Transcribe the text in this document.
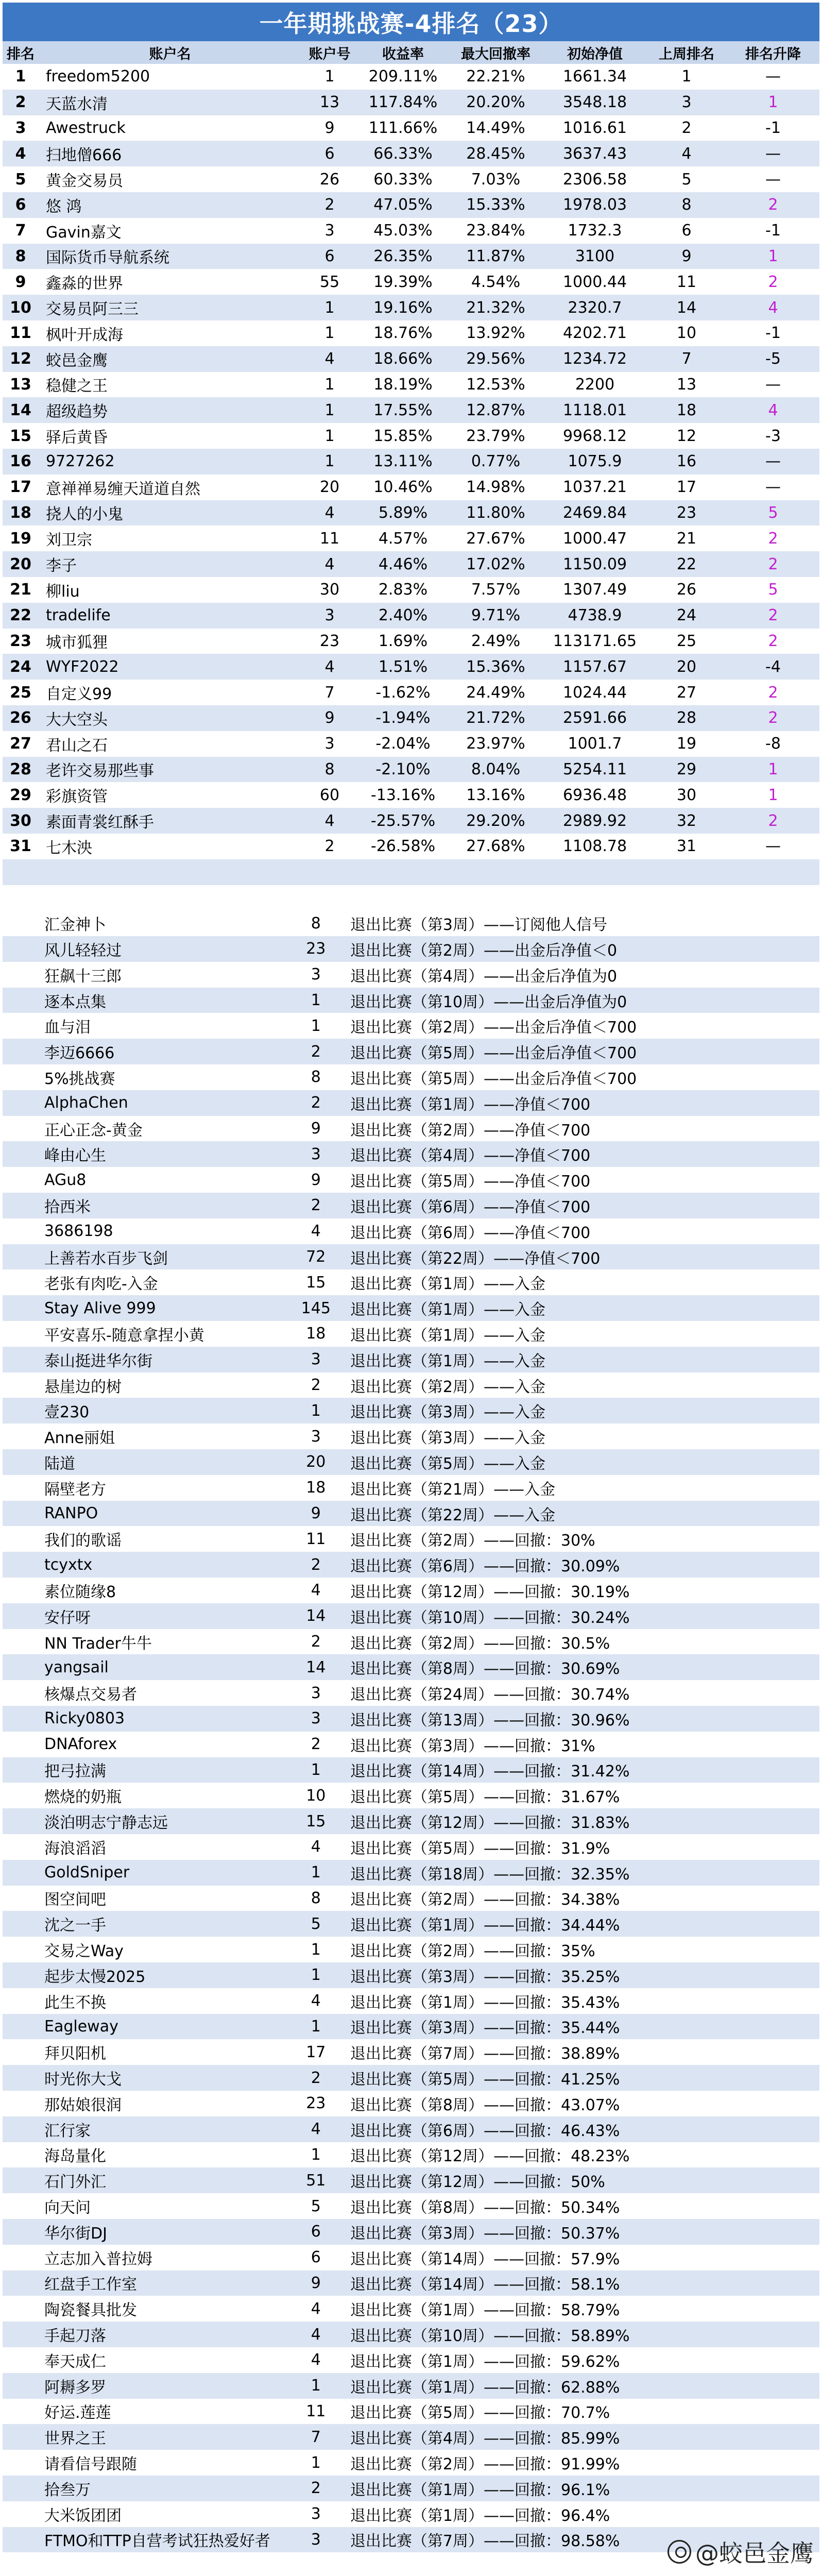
一年期挑战赛-4排名（23）
排名	账户名	账户号	收益率	最大回撤率	初始净值	上周排名	排名升降
1	freedom5200	1	209.11%	22.21%	1661.34	1	—
2	天蓝水清	13	117.84%	20.20%	3548.18	3	1
3	Awestruck	9	111.66%	14.49%	1016.61	2	-1
4	扫地僧666	6	66.33%	28.45%	3637.43	4	—
5	黄金交易员	26	60.33%	7.03%	2306.58	5	—
6	悠 鸿	2	47.05%	15.33%	1978.03	8	2
7	Gavin嘉文	3	45.03%	23.84%	1732.3	6	-1
8	国际货币导航系统	6	26.35%	11.87%	3100	9	1
9	鑫淼的世界	55	19.39%	4.54%	1000.44	11	2
10 交易员阿三三	1	19.16%	21.32%	2320.7	14	4
11 枫叶开成海	1	18.76%	13.92%	4202.71	10	-1
12 蛟邑金鹰	4	18.66%	29.56%	1234.72	7	-5
13 稳健之王	1	18.19%	12.53%	2200	13	—
14 超级趋势	1	17.55%	12.87%	1118.01	18	4
15 驿后黄昏	1	15.85%	23.79%	9968.12	12	-3
16 9727262	1	13.11%	0.77%	1075.9	16	—
17 意禅禅易缠天道道自然	20	10.46%	14.98%	1037.21	17	—
18 挠人的小鬼	4	5.89%	11.80%	2469.84	23	5
19 刘卫宗	11	4.57%	27.67%	1000.47	21	2
20 李子	4	4.46%	17.02%	1150.09	22	2
21 柳liu	30	2.83%	7.57%	1307.49	26	5
22 tradelife	3	2.40%	9.71%	4738.9	24	2
23 城市狐狸	23	1.69%	2.49%	113171.65	25	2
24 WYF2022	4	1.51%	15.36%	1157.67	20	-4
25 自定义99	7	-1.62%	24.49%	1024.44	27	2
26 大大空头	9	-1.94%	21.72%	2591.66	28	2
27 君山之石	3	-2.04%	23.97%	1001.7	19	-8
28 老许交易那些事	8	-2.10%	8.04%	5254.11	29	1
29 彩旗资管	60	-13.16%	13.16%	6936.48	30	1
30 素面青裳红酥手	4	-25.57%	29.20%	2989.92	32	2
31 七木泱	2	-26.58%	27.68%	1108.78	31	—
汇金神卜	8	退出比赛（第3周）——订阅他人信号
风儿轻轻过	23	退出比赛（第2周）——出金后净值＜0
狂飙十三郎	3	退出比赛（第4周）——出金后净值为0
逐本点集	1	退出比赛（第10周）——出金后净值为0
血与泪	1	退出比赛（第2周）——出金后净值＜700
李迈6666	2	退出比赛（第5周）——出金后净值＜700
5%挑战赛	8	退出比赛（第5周）——出金后净值＜700
AlphaChen	2	退出比赛（第1周）——净值＜700
正心正念-黄金	9	退出比赛（第2周）——净值＜700
峰由心生	3	退出比赛（第4周）——净值＜700
AGu8	9	退出比赛（第5周）——净值＜700
拾西米	2	退出比赛（第6周）——净值＜700
3686198	4	退出比赛（第6周）——净值＜700
上善若水百步飞剑	72	退出比赛（第22周）——净值＜700
老张有肉吃-入金	15	退出比赛（第1周）——入金
Stay Alive 999	145	退出比赛（第1周）——入金
平安喜乐-随意拿捏小黄	18	退出比赛（第1周）——入金
泰山挺进华尔街	3	退出比赛（第1周）——入金
悬崖边的树	2	退出比赛（第2周）——入金
壹230	1	退出比赛（第3周）——入金
Anne丽姐	3	退出比赛（第3周）——入金
陆道	20	退出比赛（第5周）——入金
隔壁老方	18	退出比赛（第21周）——入金
RANPO	9	退出比赛（第22周）——入金
我们的歌谣	11	退出比赛（第2周）——回撤：30%
tcyxtx	2	退出比赛（第6周）——回撤：30.09%
素位随缘8	4	退出比赛（第12周）——回撤：30.19%
安仔呀	14	退出比赛（第10周）——回撤：30.24%
NN Trader牛牛	2	退出比赛（第2周）——回撤：30.5%
yangsail	14	退出比赛（第8周）——回撤：30.69%
核爆点交易者	3	退出比赛（第24周）——回撤：30.74%
Ricky0803	3	退出比赛（第13周）——回撤：30.96%
DNAforex	2	退出比赛（第3周）——回撤：31%
把弓拉满	1	退出比赛（第14周）——回撤：31.42%
燃烧的奶瓶	10	退出比赛（第5周）——回撤：31.67%
淡泊明志宁静志远	15	退出比赛（第12周）——回撤：31.83%
海浪滔滔	4	退出比赛（第5周）——回撤：31.9%
GoldSniper	1	退出比赛（第18周）——回撤：32.35%
图空间吧	8	退出比赛（第2周）——回撤：34.38%
沈之一手	5	退出比赛（第1周）——回撤：34.44%
交易之Way	1	退出比赛（第2周）——回撤：35%
起步太慢2025	1	退出比赛（第3周）——回撤：35.25%
此生不换	4	退出比赛（第1周）——回撤：35.43%
Eagleway	1	退出比赛（第3周）——回撤：35.44%
拜贝阳机	17	退出比赛（第7周）——回撤：38.89%
时光你大戈	2	退出比赛（第5周）——回撤：41.25%
那姑娘很润	23	退出比赛（第8周）——回撤：43.07%
汇行家	4	退出比赛（第6周）——回撤：46.43%
海岛量化	1	退出比赛（第12周）——回撤：48.23%
石门外汇	51	退出比赛（第12周）——回撤：50%
向天问	5	退出比赛（第8周）——回撤：50.34%
华尔街DJ	6	退出比赛（第3周）——回撤：50.37%
立志加入普拉姆	6	退出比赛（第14周）——回撤：57.9%
红盘手工作室	9	退出比赛（第14周）——回撤：58.1%
陶瓷餐具批发	4	退出比赛（第1周）——回撤：58.79%
手起刀落	4	退出比赛（第10周）——回撤：58.89%
奉天成仁	4	退出比赛（第1周）——回撤：59.62%
阿耨多罗	1	退出比赛（第1周）——回撤：62.88%
好运.莲莲	11	退出比赛（第5周）——回撤：70.7%
世界之王	7	退出比赛（第4周）——回撤：85.99%
请看信号跟随	1	退出比赛（第2周）——回撤：91.99%
拾叁万	2	退出比赛（第1周）——回撤：96.1%
大米饭团团	3	退出比赛（第1周）——回撤：96.4%
FTMO和TTP自营考试狂热爱好者	3	退出比赛（第7周）——回撤：98.58%	@蛟邑金鹰
